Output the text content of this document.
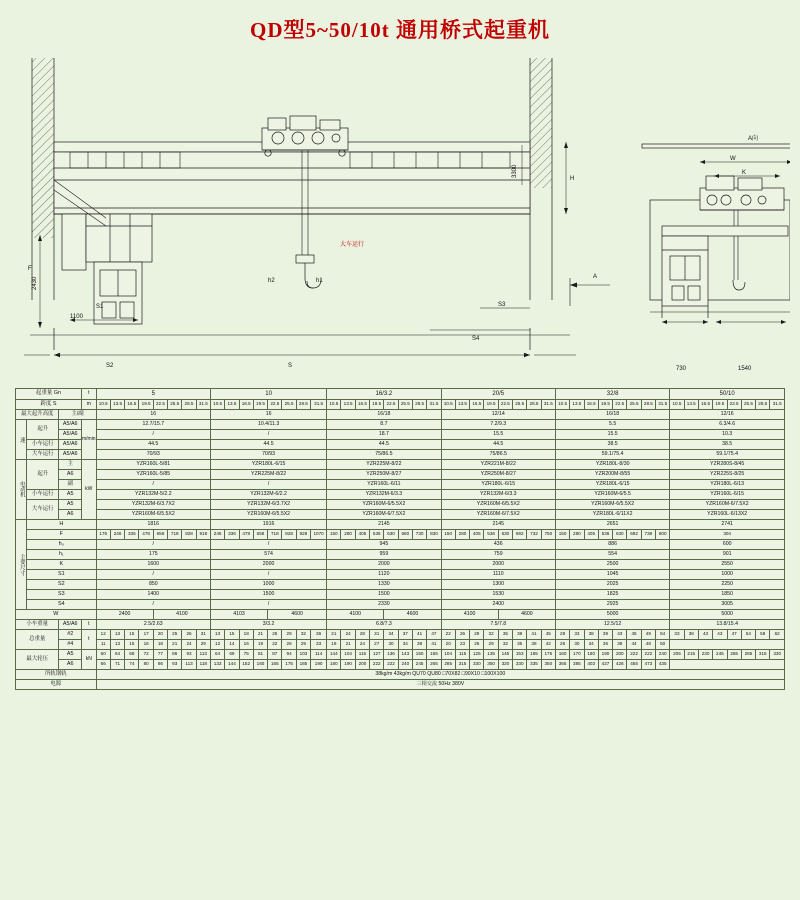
QD型5~50/10t 通用桥式起重机
S2	S
1100
2430
S1
F
h2	h1
S3
S4
A
H
3300
大车运行
A向
W
K
730	1540
起重量 Gn			t	5								10								16/3.2								20/5								32/8								50/10							
跨度 S			m	10.5	13.5	16.5	19.5	22.5	25.5	28.5	31.5	10.5	13.5	16.5	19.5	22.5	25.5	28.5	31.5	10.5	13.5	16.5	19.5	22.5	25.5	28.5	31.5	10.5	13.5	16.5	19.5	22.5	25.5	28.5	31.5	10.5	13.5	16.5	19.5	22.5	25.5	28.5	31.5	10.5	13.5	16.5	19.5	22.5	25.5	28.5	31.5
最大起升高度		主/副		16								16								16/18								12/14								16/18								12/16							
速	起升	A5/A6	m/min	12.7/15.7								10.4/11.3								8.7								7.2/9.3								5.5								6.3/4.6							
		A5/A6		/								/								18.7								15.5								15.5								10.3							
	小车运行	A5/A6		44.5								44.5								44.5								44.5								38.5								38.5							
	大车运行	A5/A6		70/93								70/93								75/86.5								75/86.5								59.1/75.4								59.1/75.4							
电动机	起升	主	kW	YZR160L-5/81								YZR180L-6/15								YZR225M-8/22								YZR221M-8/22								YZR180L-8/30								YZR280S-8/45							
		A6		YZR160L-5/85								YZR225M-8/22								YZR250M-8/27								YZR250M-8/27								YZR200M-8/55								YZR225S-8/25							
		副		/								/								YZR160L-6/11								YZR180L-6/15								YZR180L-6/15								YZR180L-6/13							
	小车运行	A5		YZR132M-5/2.2								YZR132M-6/2.2								YZR132M-6/3.3								YZR132M-6/3.3								YZR160M-6/5.5								YZR160L-6/15							
	大车运行	A5		YZR132M-6/3.7X2								YZR132M-6/3.7X2								YZR160M-6/5.5X2								YZR160M-6/5.5X2								YZR160M-6/5.5X2								YZR160M-6/7.5X2							
		A6		YZR160M-6/5.5X2								YZR160M-6/5.5X2								YZR160M-6/7.5X2								YZR160M-6/7.5X2								YZR180L-6/11X2								YZR160L-6/13X2							
主要尺寸	H			1816								1916								2145								2145								2651								2741							
	F			176	246	336	478	658	718	828	918	246	336	478	658	718	828	928	1070	150	280	405	536	630	680	730	830	150	280	405	536	630	692	732	750	150	280	405	536	630	692	738	800	304							
	h₀			/								/								945								436								886								600							
	h₁			175								574								959								759								554								901							
	K			1600								2000								2000								2000								2500								2550							
	S1			/								/								1120								1110								1045								1000							
	S2			850								1000								1330								1300								2025								2250							
	S3			1400								1500								1500								1530								1825								1850							
	S4			/								/								2330								2400								2925								3005							
W				2400				4100				4103				4600				4100				4600				4100				4600				5000								5000							
小车重量		A5/A6	t	2.5/2.63								3/3.2								6.8/7.3								7.5/7.8								12.5/12								13.8/15.4							
总重量		#2	t	12	13	15	17	20	25	26	31	13	15	18	21	25	29	32	36	21	24	28	31	34	37	41	47	22	26	29	32	35	38	41	45	28	33	38	39	43	45	49	54	33	38	43	43	47	54	58	62
		#4		11	13	15	16	18	21	24	29	12	14	16	19	22	26	29	33	19	21	24	27	30	34	38	41	20	23	26	29	32	35	38	42	26	30	34	36	39	44	48	50								
最大轮压		A5	kN	60	64	68	72	77	86	93	113	64	69	75	81	87	94	103	114	144	104	115	127	136	143	150	165	104	115	125	135	145	153	165	175	160	170	180	190	200	222	222	240	205	215	230	245	265	285	315	330
		A6		66	71	74	80	86	93	113	118	133	144	152	160	165	175	185	190	180	190	200	222	222	240	245	265	285	315	330	350	320	330	335	350	365	385	403	427	428	455	473	435								
所轨钢轨				38kg/m 43kg/m QU70 QU80 □70X82 □90X10 □100X100																																															
电源				三相交流 50Hz 380V																																															
